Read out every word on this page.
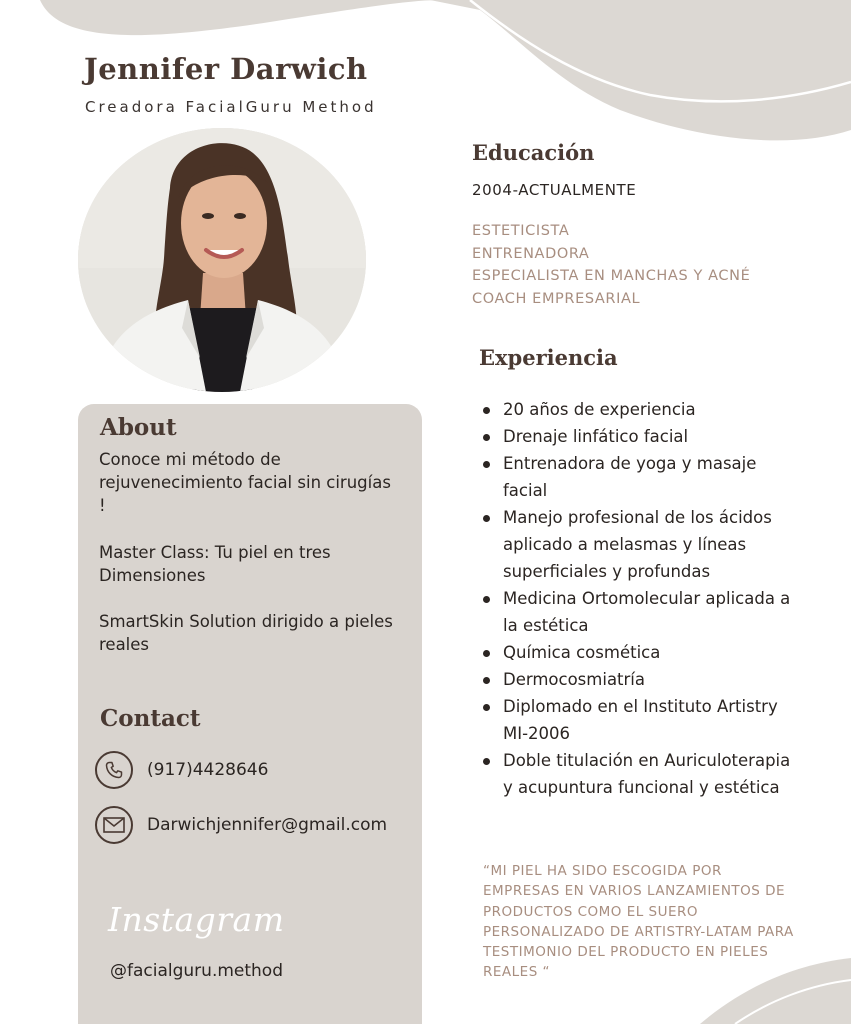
Jennifer Darwich
Creadora FacialGuru Method
About
Conoce mi método de rejuvenecimiento facial sin cirugías !
Master Class: Tu piel en tres Dimensiones
SmartSkin Solution dirigido a pieles reales
Contact
(917)4428646
Darwichjennifer@gmail.com
Instagram
@facialguru.method
Educación
2004-ACTUALMENTE
ESTETICISTA
ENTRENADORA
ESPECIALISTA EN MANCHAS Y ACNÉ
COACH EMPRESARIAL
Experiencia
20 años de experiencia
Drenaje linfático facial
Entrenadora de yoga y masaje facial
Manejo profesional de los ácidos aplicado a melasmas y líneas superficiales y profundas
Medicina Ortomolecular aplicada a la estética
Química cosmética
Dermocosmiatría
Diplomado en el Instituto Artistry MI-2006
Doble titulación en Auriculoterapia y acupuntura funcional y estética
“MI PIEL HA SIDO ESCOGIDA POR EMPRESAS EN VARIOS LANZAMIENTOS DE PRODUCTOS COMO EL SUERO PERSONALIZADO DE ARTISTRY-LATAM PARA TESTIMONIO DEL PRODUCTO EN PIELES REALES “
